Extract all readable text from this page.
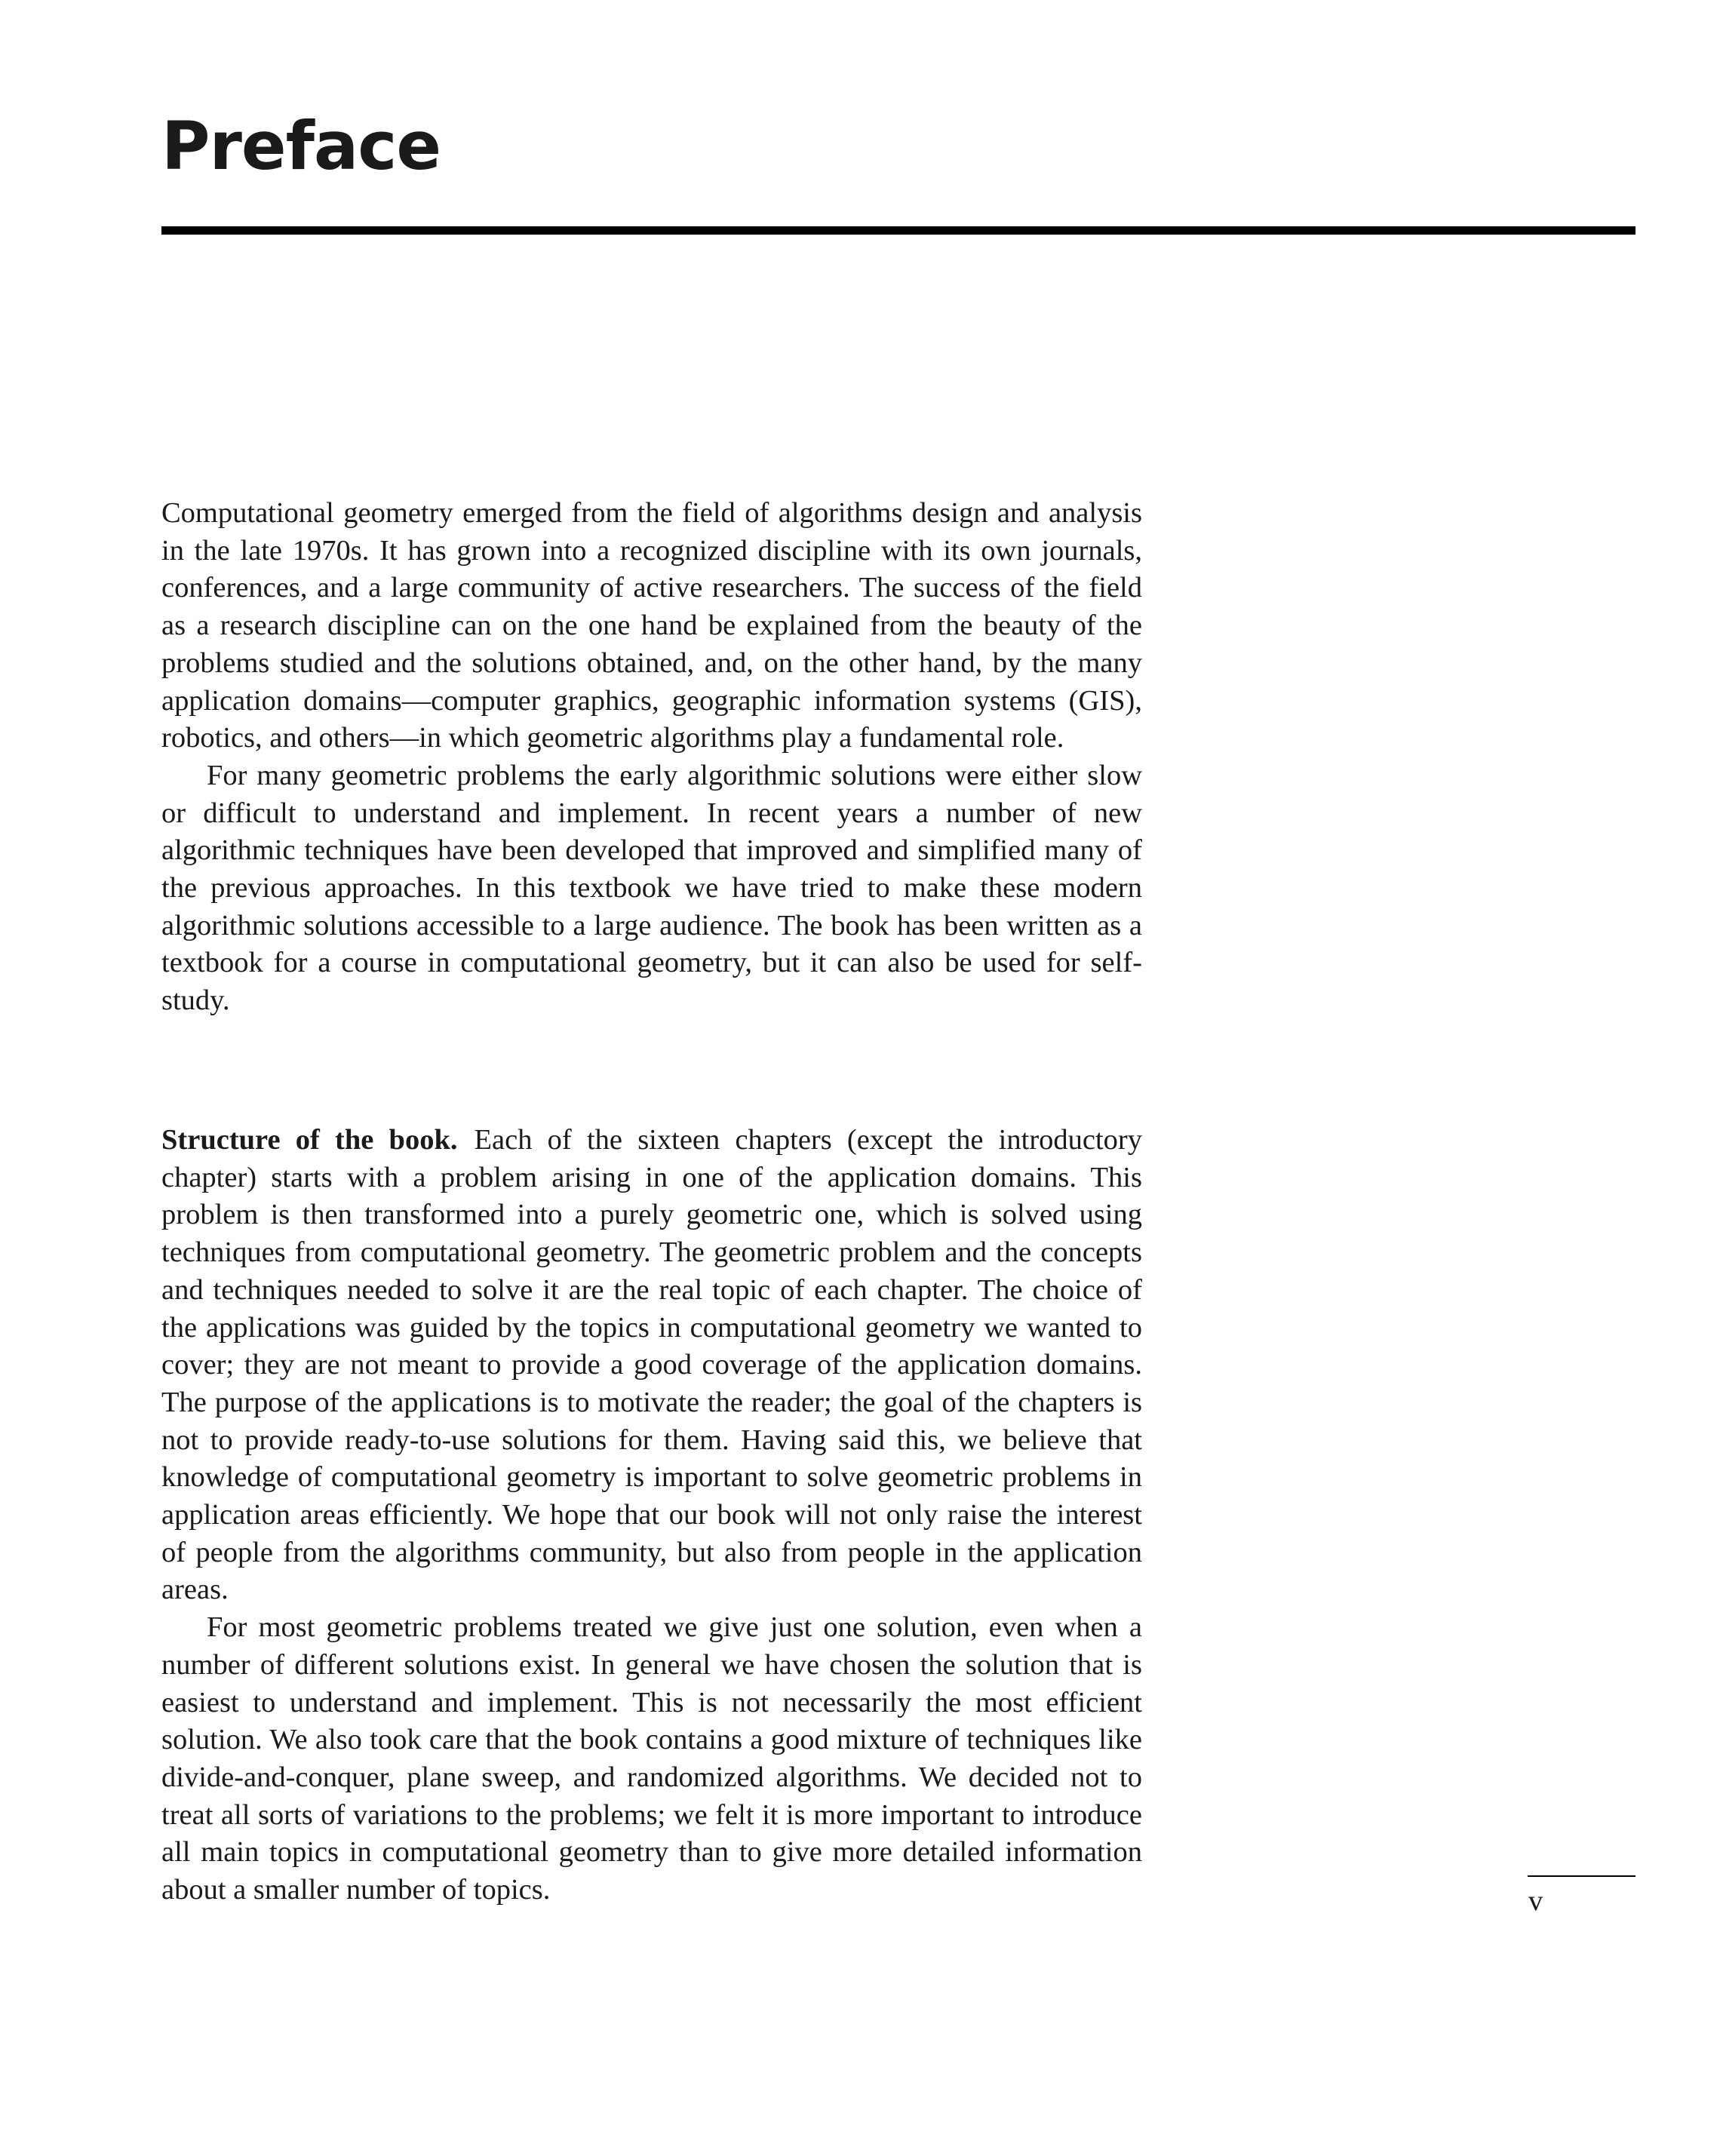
Preface

Computational geometry emerged from the field of algorithms design and analysis in the late 1970s. It has grown into a recognized discipline with its own journals, conferences, and a large community of active researchers. The success of the field as a research discipline can on the one hand be explained from the beauty of the problems studied and the solutions obtained, and, on the other hand, by the many application domains—computer graphics, geographic information systems (GIS), robotics, and others—in which geometric algorithms play a fundamental role.

For many geometric problems the early algorithmic solutions were either slow or difficult to understand and implement. In recent years a number of new algorithmic techniques have been developed that improved and simplified many of the previous approaches. In this textbook we have tried to make these modern algorithmic solutions accessible to a large audience. The book has been written as a textbook for a course in computational geometry, but it can also be used for self-study.

Structure of the book. Each of the sixteen chapters (except the introductory chapter) starts with a problem arising in one of the application domains. This problem is then transformed into a purely geometric one, which is solved using techniques from computational geometry. The geometric problem and the concepts and techniques needed to solve it are the real topic of each chapter. The choice of the applications was guided by the topics in computational geometry we wanted to cover; they are not meant to provide a good coverage of the application domains. The purpose of the applications is to motivate the reader; the goal of the chapters is not to provide ready-to-use solutions for them. Having said this, we believe that knowledge of computational geometry is important to solve geometric problems in application areas efficiently. We hope that our book will not only raise the interest of people from the algorithms community, but also from people in the application areas.

For most geometric problems treated we give just one solution, even when a number of different solutions exist. In general we have chosen the solution that is easiest to understand and implement. This is not necessarily the most efficient solution. We also took care that the book contains a good mixture of techniques like divide-and-conquer, plane sweep, and randomized algorithms. We decided not to treat all sorts of variations to the problems; we felt it is more important to introduce all main topics in computational geometry than to give more detailed information about a smaller number of topics.	v
